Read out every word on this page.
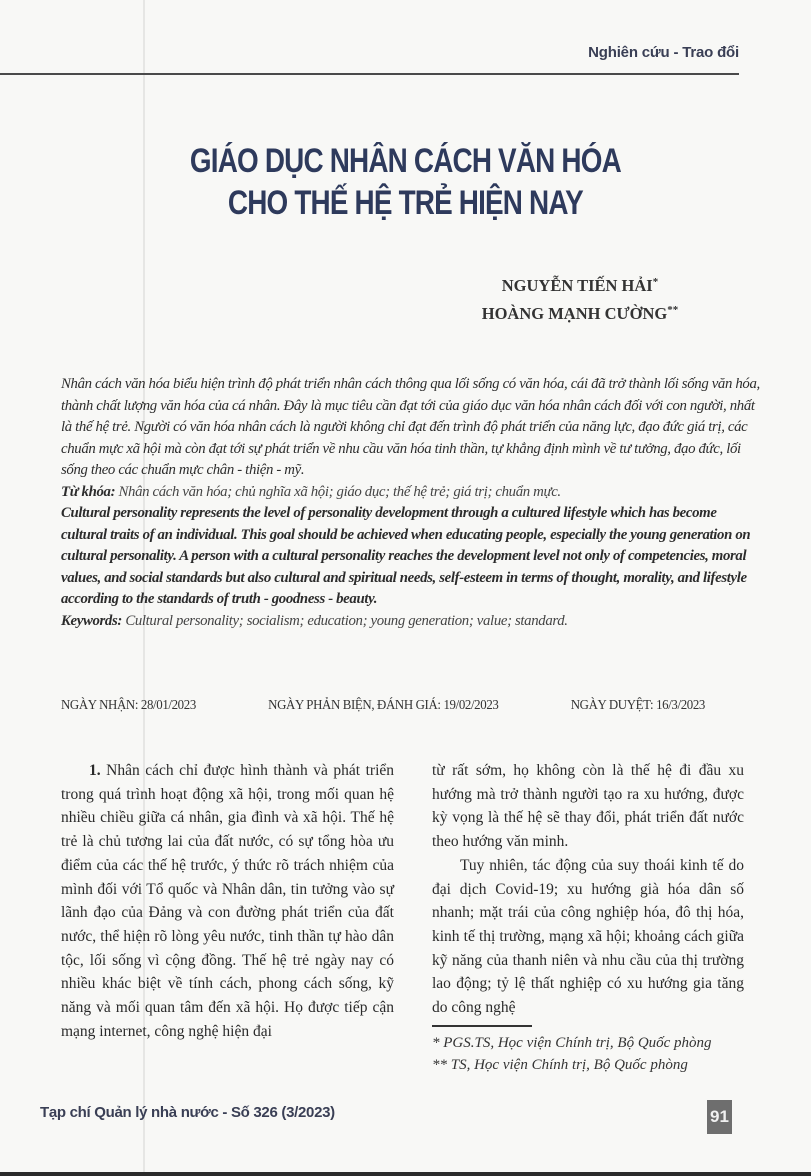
Nghiên cứu - Trao đổi
GIÁO DỤC NHÂN CÁCH VĂN HÓA
CHO THẾ HỆ TRẺ HIỆN NAY
NGUYỄN TIẾN HẢI*
HOÀNG MẠNH CƯỜNG**

Nhân cách văn hóa biểu hiện trình độ phát triển nhân cách thông qua lối sống có văn hóa, cái đã trở thành lối sống văn hóa, thành chất lượng văn hóa của cá nhân. Đây là mục tiêu cần đạt tới của giáo dục văn hóa nhân cách đối với con người, nhất là thế hệ trẻ. Người có văn hóa nhân cách là người không chỉ đạt đến trình độ phát triển của năng lực, đạo đức giá trị, các chuẩn mực xã hội mà còn đạt tới sự phát triển về nhu cầu văn hóa tinh thần, tự khẳng định mình về tư tưởng, đạo đức, lối sống theo các chuẩn mực chân - thiện - mỹ.

Từ khóa: Nhân cách văn hóa; chủ nghĩa xã hội; giáo dục; thế hệ trẻ; giá trị; chuẩn mực.

Cultural personality represents the level of personality development through a cultured lifestyle which has become cultural traits of an individual. This goal should be achieved when educating people, especially the young generation on cultural personality. A person with a cultural personality reaches the development level not only of competencies, moral values, and social standards but also cultural and spiritual needs, self-esteem in terms of thought, morality, and lifestyle according to the standards of truth - goodness - beauty.

Keywords: Cultural personality; socialism; education; young generation; value; standard.

NGÀY NHẬN: 28/01/2023	NGÀY PHẢN BIỆN, ĐÁNH GIÁ: 19/02/2023	NGÀY DUYỆT: 16/3/2023

1. Nhân cách chỉ được hình thành và phát triển trong quá trình hoạt động xã hội, trong mối quan hệ nhiều chiều giữa cá nhân, gia đình và xã hội. Thế hệ trẻ là chủ tương lai của đất nước, có sự tổng hòa ưu điểm của các thế hệ trước, ý thức rõ trách nhiệm của mình đối với Tổ quốc và Nhân dân, tin tưởng vào sự lãnh đạo của Đảng và con đường phát triển của đất nước, thể hiện rõ lòng yêu nước, tinh thần tự hào dân tộc, lối sống vì cộng đồng. Thế hệ trẻ ngày nay có nhiều khác biệt về tính cách, phong cách sống, kỹ năng và mối quan tâm đến xã hội. Họ được tiếp cận mạng internet, công nghệ hiện đại

từ rất sớm, họ không còn là thế hệ đi đầu xu hướng mà trở thành người tạo ra xu hướng, được kỳ vọng là thế hệ sẽ thay đổi, phát triển đất nước theo hướng văn minh.

Tuy nhiên, tác động của suy thoái kinh tế do đại dịch Covid-19; xu hướng già hóa dân số nhanh; mặt trái của công nghiệp hóa, đô thị hóa, kinh tế thị trường, mạng xã hội; khoảng cách giữa kỹ năng của thanh niên và nhu cầu của thị trường lao động; tỷ lệ thất nghiệp có xu hướng gia tăng do công nghệ

* PGS.TS, Học viện Chính trị, Bộ Quốc phòng
** TS, Học viện Chính trị, Bộ Quốc phòng
Tạp chí Quản lý nhà nước - Số 326 (3/2023)	91
